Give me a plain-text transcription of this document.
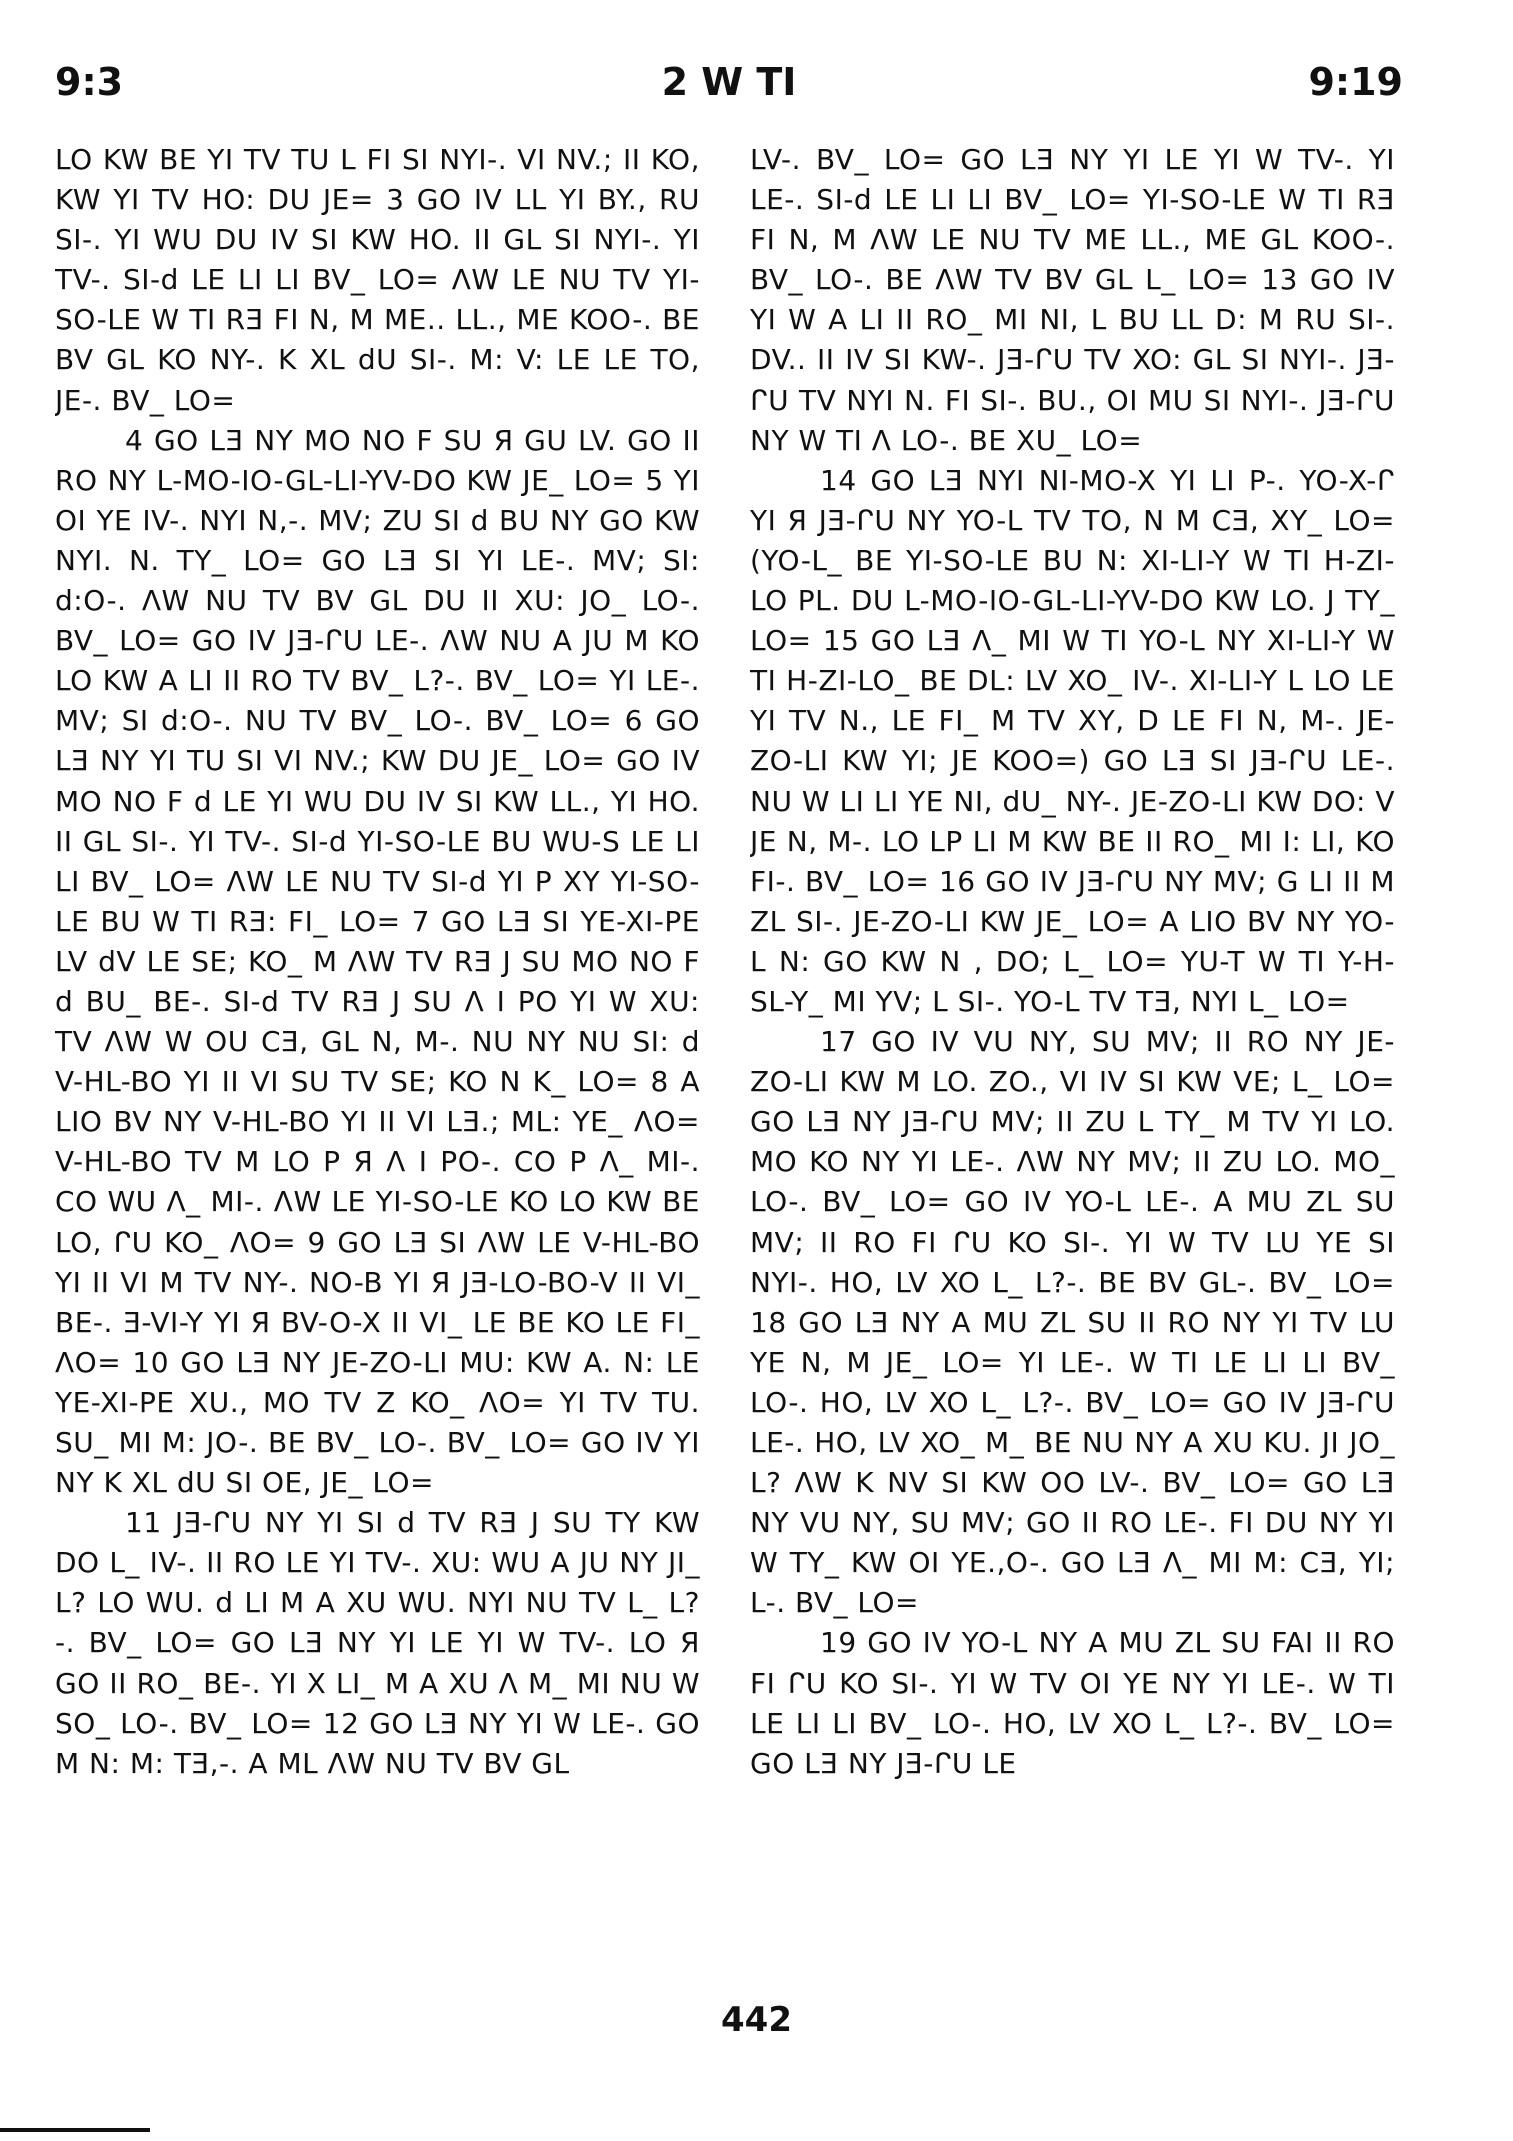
9:3	2 W TI	9:19

LO KW BE YI TV TU L FI SI NYI-. VI NV.; II KO, KW YI TV HO: DU JE= 3 GO IV LL YI BY., RU SI-. YI WU DU IV SI KW HO. II GL SI NYI-. YI TV-. SI-d LE LI LI BV_ LO= ΛW LE NU TV YI-SO-LE W TI RƎ FI N, M ME.. LL., ME KOO-. BE BV GL KO NY-. K XL dU SI-. M: V: LE LE TO, JE-. BV_ LO=

4 GO LƎ NY MO NO F SU Я GU LV. GO II RO NY L-MO-IO-GL-LI-YV-DO KW JE_ LO= 5 YI OI YE IV-. NYI N,-. MV; ZU SI d BU NY GO KW NYI. N. TY_ LO= GO LƎ SI YI LE-. MV; SI: d:O-. ΛW NU TV BV GL DU II XU: JO_ LO-. BV_ LO= GO IV JƎ-ᒋU LE-. ΛW NU A JU M KO LO KW A LI II RO TV BV_ L?-. BV_ LO= YI LE-. MV; SI d:O-. NU TV BV_ LO-. BV_ LO= 6 GO LƎ NY YI TU SI VI NV.; KW DU JE_ LO= GO IV MO NO F d LE YI WU DU IV SI KW LL., YI HO. II GL SI-. YI TV-. SI-d YI-SO-LE BU WU-S LE LI LI BV_ LO= ΛW LE NU TV SI-d YI P XY YI-SO-LE BU W TI RƎ: FI_ LO= 7 GO LƎ SI YE-XI-PE LV dV LE SE; KO_ M ΛW TV RƎ J SU MO NO F d BU_ BE-. SI-d TV RƎ J SU Λ I PO YI W XU: TV ΛW W OU CƎ, GL N, M-. NU NY NU SI: d V-HL-BO YI II VI SU TV SE; KO N K_ LO= 8 A LIO BV NY V-HL-BO YI II VI LƎ.; ML: YE_ ΛO= V-HL-BO TV M LO P Я Λ I PO-. CO P Λ_ MI-. CO WU Λ_ MI-. ΛW LE YI-SO-LE KO LO KW BE LO, ᒋU KO_ ΛO= 9 GO LƎ SI ΛW LE V-HL-BO YI II VI M TV NY-. NO-B YI Я JƎ-LO-BO-V II VI_ BE-. Ǝ-VI-Y YI Я BV-O-X II VI_ LE BE KO LE FI_ ΛO= 10 GO LƎ NY JE-ZO-LI MU: KW A. N: LE YE-XI-PE XU., MO TV Z KO_ ΛO= YI TV TU. SU_ MI M: JO-. BE BV_ LO-. BV_ LO= GO IV YI NY K XL dU SI OE, JE_ LO=

11 JƎ-ᒋU NY YI SI d TV RƎ J SU TY KW DO L_ IV-. II RO LE YI TV-. XU: WU A JU NY JI_ L? LO WU. d LI M A XU WU. NYI NU TV L_ L?-. BV_ LO= GO LƎ NY YI LE YI W TV-. LO Я GO II RO_ BE-. YI X LI_ M A XU Λ M_ MI NU W SO_ LO-. BV_ LO= 12 GO LƎ NY YI W LE-. GO M N: M: TƎ,-. A ML ΛW NU TV BV GL

LV-. BV_ LO= GO LƎ NY YI LE YI W TV-. YI LE-. SI-d LE LI LI BV_ LO= YI-SO-LE W TI RƎ FI N, M ΛW LE NU TV ME LL., ME GL KOO-. BV_ LO-. BE ΛW TV BV GL L_ LO= 13 GO IV YI W A LI II RO_ MI NI, L BU LL D: M RU SI-. DV.. II IV SI KW-. JƎ-ᒋU TV XO: GL SI NYI-. JƎ-ᒋU TV NYI N. FI SI-. BU., OI MU SI NYI-. JƎ-ᒋU NY W TI Λ LO-. BE XU_ LO=

14 GO LƎ NYI NI-MO-X YI LI P-. YO-X-ᒋ YI Я JƎ-ᒋU NY YO-L TV TO, N M CƎ, XY_ LO= (YO-L_ BE YI-SO-LE BU N: XI-LI-Y W TI H-ZI-LO PL. DU L-MO-IO-GL-LI-YV-DO KW LO. J TY_ LO= 15 GO LƎ Λ_ MI W TI YO-L NY XI-LI-Y W TI H-ZI-LO_ BE DL: LV XO_ IV-. XI-LI-Y L LO LE YI TV N., LE FI_ M TV XY, D LE FI N, M-. JE-ZO-LI KW YI; JE KOO=) GO LƎ SI JƎ-ᒋU LE-. NU W LI LI YE NI, dU_ NY-. JE-ZO-LI KW DO: V JE N, M-. LO LP LI M KW BE II RO_ MI I: LI, KO FI-. BV_ LO= 16 GO IV JƎ-ᒋU NY MV; G LI II M ZL SI-. JE-ZO-LI KW JE_ LO= A LIO BV NY YO-L N: GO KW N , DO; L_ LO= YU-T W TI Y-H-SL-Y_ MI YV; L SI-. YO-L TV TƎ, NYI L_ LO=

17 GO IV VU NY, SU MV; II RO NY JE-ZO-LI KW M LO. ZO., VI IV SI KW VE; L_ LO= GO LƎ NY JƎ-ᒋU MV; II ZU L TY_ M TV YI LO. MO KO NY YI LE-. ΛW NY MV; II ZU LO. MO_ LO-. BV_ LO= GO IV YO-L LE-. A MU ZL SU MV; II RO FI ᒋU KO SI-. YI W TV LU YE SI NYI-. HO, LV XO L_ L?-. BE BV GL-. BV_ LO= 18 GO LƎ NY A MU ZL SU II RO NY YI TV LU YE N, M JE_ LO= YI LE-. W TI LE LI LI BV_ LO-. HO, LV XO L_ L?-. BV_ LO= GO IV JƎ-ᒋU LE-. HO, LV XO_ M_ BE NU NY A XU KU. JI JO_ L? ΛW K NV SI KW OO LV-. BV_ LO= GO LƎ NY VU NY, SU MV; GO II RO LE-. FI DU NY YI W TY_ KW OI YE.,O-. GO LƎ Λ_ MI M: CƎ, YI; L-. BV_ LO=

19 GO IV YO-L NY A MU ZL SU FAI II RO FI ᒋU KO SI-. YI W TV OI YE NY YI LE-. W TI LE LI LI BV_ LO-. HO, LV XO L_ L?-. BV_ LO= GO LƎ NY JƎ-ᒋU LE

442
